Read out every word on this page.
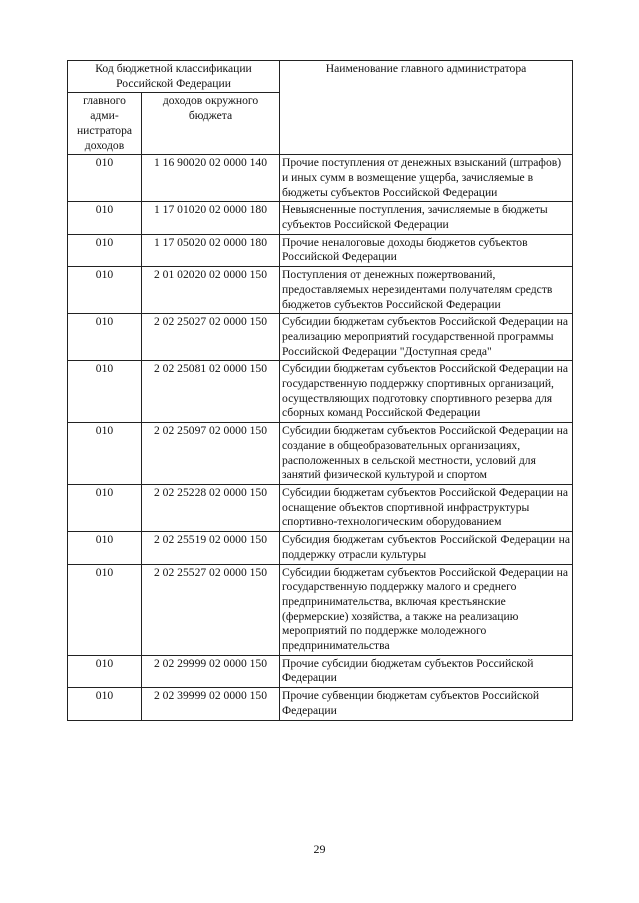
Код бюджетной классификации Российской Федерации		Наименование главного администратора
главного адми- нистратора доходов	доходов окружного бюджета	
010	1 16 90020 02 0000 140	Прочие поступления от денежных взысканий (штрафов) и иных сумм в возмещение ущерба, зачисляемые в бюджеты субъектов Российской Федерации
010	1 17 01020 02 0000 180	Невыясненные поступления, зачисляемые в бюджеты субъектов Российской Федерации
010	1 17 05020 02 0000 180	Прочие неналоговые доходы бюджетов субъектов Российской Федерации
010	2 01 02020 02 0000 150	Поступления от денежных пожертвований, предоставляемых нерезидентами получателям средств бюджетов субъектов Российской Федерации
010	2 02 25027 02 0000 150	Субсидии бюджетам субъектов Российской Федерации на реализацию мероприятий государственной программы Российской Федерации "Доступная среда"
010	2 02 25081 02 0000 150	Субсидии бюджетам субъектов Российской Федерации на государственную поддержку спортивных организаций, осуществляющих подготовку спортивного резерва для сборных команд Российской Федерации
010	2 02 25097 02 0000 150	Субсидии бюджетам субъектов Российской Федерации на создание в общеобразовательных организациях, расположенных в сельской местности, условий для занятий физической культурой и спортом
010	2 02 25228 02 0000 150	Субсидии бюджетам субъектов Российской Федерации на оснащение объектов спортивной инфраструктуры спортивно-технологическим оборудованием
010	2 02 25519 02 0000 150	Субсидия бюджетам субъектов Российской Федерации на поддержку отрасли культуры
010	2 02 25527 02 0000 150	Субсидии бюджетам субъектов Российской Федерации на государственную поддержку малого и среднего предпринимательства, включая крестьянские (фермерские) хозяйства, а также на реализацию мероприятий по поддержке молодежного предпринимательства
010	2 02 29999 02 0000 150	Прочие субсидии бюджетам субъектов Российской Федерации
010	2 02 39999 02 0000 150	Прочие субвенции бюджетам субъектов Российской Федерации
29
